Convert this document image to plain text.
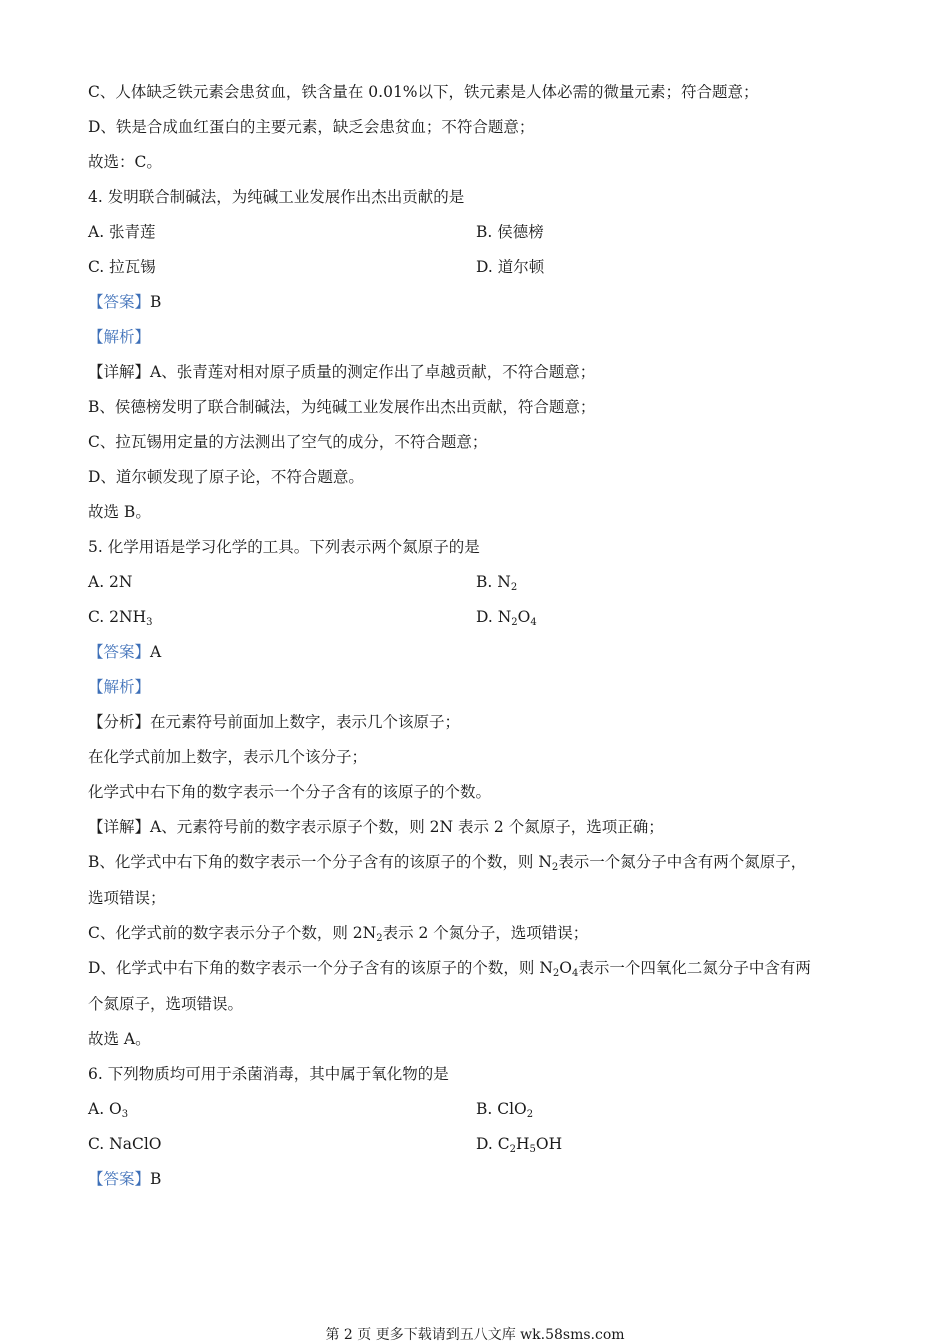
C、人体缺乏铁元素会患贫血，铁含量在 0.01%以下，铁元素是人体必需的微量元素；符合题意；
D、铁是合成血红蛋白的主要元素，缺乏会患贫血；不符合题意；
故选：C。
4. 发明联合制碱法，为纯碱工业发展作出杰出贡献的是
A. 张青莲	B. 侯德榜
C. 拉瓦锡	D. 道尔顿
【答案】B
【解析】
【详解】A、张青莲对相对原子质量的测定作出了卓越贡献，不符合题意；
B、侯德榜发明了联合制碱法，为纯碱工业发展作出杰出贡献，符合题意；
C、拉瓦锡用定量的方法测出了空气的成分，不符合题意；
D、道尔顿发现了原子论，不符合题意。
故选 B。
5. 化学用语是学习化学的工具。下列表示两个氮原子的是
A. 2N	B. $N_2$
C. $2NH_3$	D. $N_2O_4$
【答案】A
【解析】
【分析】在元素符号前面加上数字，表示几个该原子；
在化学式前加上数字，表示几个该分子；
化学式中右下角的数字表示一个分子含有的该原子的个数。
【详解】A、元素符号前的数字表示原子个数，则 2N 表示 2 个氮原子，选项正确；
B、化学式中右下角的数字表示一个分子含有的该原子的个数，则 $N_2$表示一个氮分子中含有两个氮原子，
选项错误；
C、化学式前的数字表示分子个数，则 $2N_2$表示 2 个氮分子，选项错误；
D、化学式中右下角的数字表示一个分子含有的该原子的个数，则 $N_2O_4$表示一个四氧化二氮分子中含有两
个氮原子，选项错误。
故选 A。
6. 下列物质均可用于杀菌消毒，其中属于氧化物的是
A. $O_3$	B. ClO$_2$
C. NaClO	D. $C_2H_5OH$
【答案】B
第 2 页 更多下载请到五八文库 wk.58sms.com
